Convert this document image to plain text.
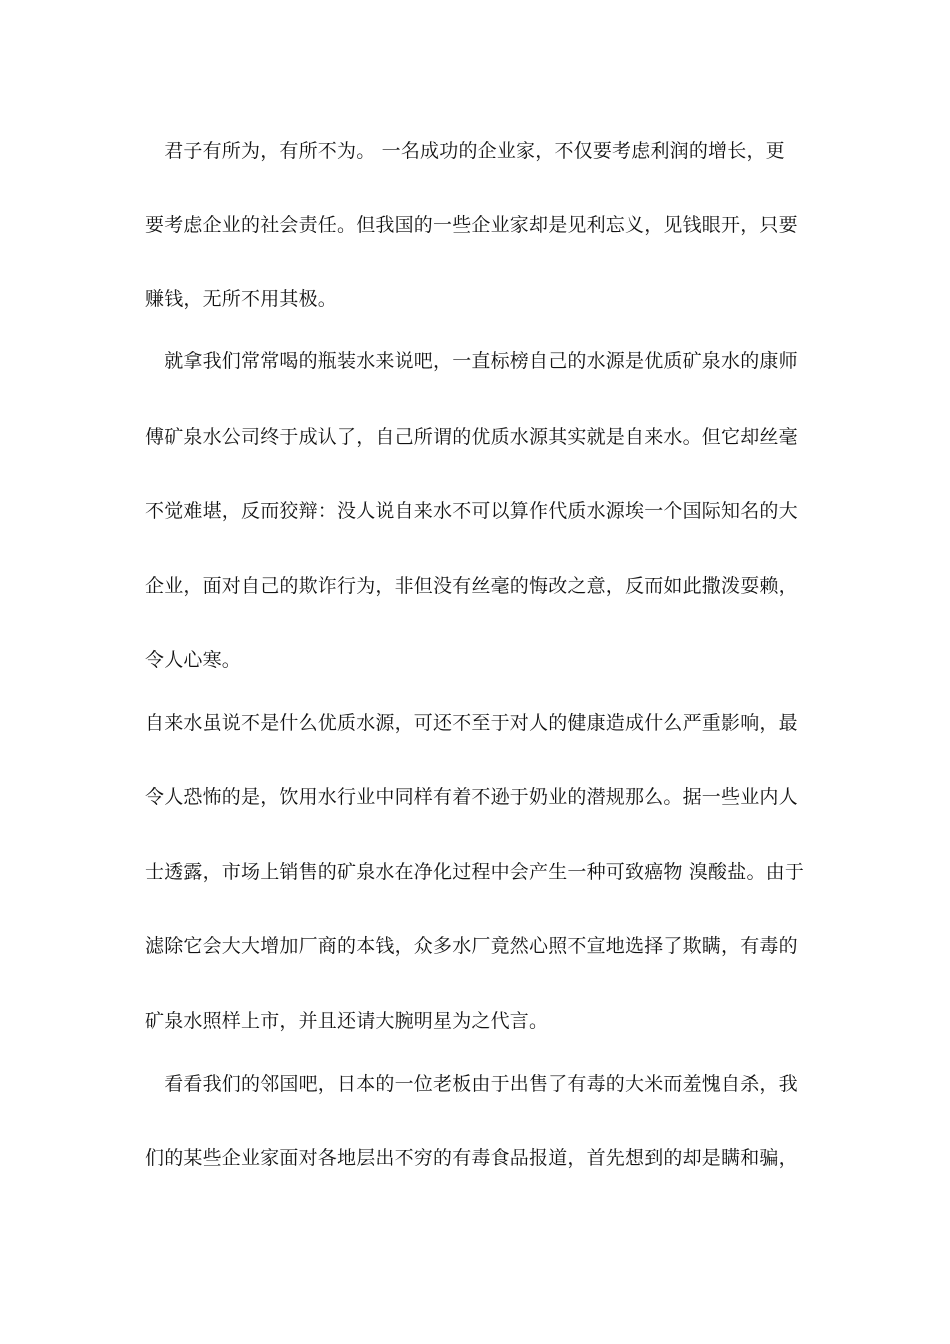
　君子有所为，有所不为。 一名成功的企业家，不仅要考虑利润的增长，更
要考虑企业的社会责任。但我国的一些企业家却是见利忘义，见钱眼开，只要
赚钱，无所不用其极。
　就拿我们常常喝的瓶装水来说吧，一直标榜自己的水源是优质矿泉水的康师
傅矿泉水公司终于成认了，自己所谓的优质水源其实就是自来水。但它却丝毫
不觉难堪，反而狡辩：没人说自来水不可以算作代质水源埃一个国际知名的大
企业，面对自己的欺诈行为，非但没有丝毫的悔改之意，反而如此撒泼耍赖，
令人心寒。
自来水虽说不是什么优质水源，可还不至于对人的健康造成什么严重影响，最
令人恐怖的是，饮用水行业中同样有着不逊于奶业的潜规那么。据一些业内人
士透露，市场上销售的矿泉水在净化过程中会产生一种可致癌物 溴酸盐。由于
滤除它会大大增加厂商的本钱，众多水厂竟然心照不宣地选择了欺瞒，有毒的
矿泉水照样上市，并且还请大腕明星为之代言。
　看看我们的邻国吧，日本的一位老板由于出售了有毒的大米而羞愧自杀，我
们的某些企业家面对各地层出不穷的有毒食品报道，首先想到的却是瞒和骗，
